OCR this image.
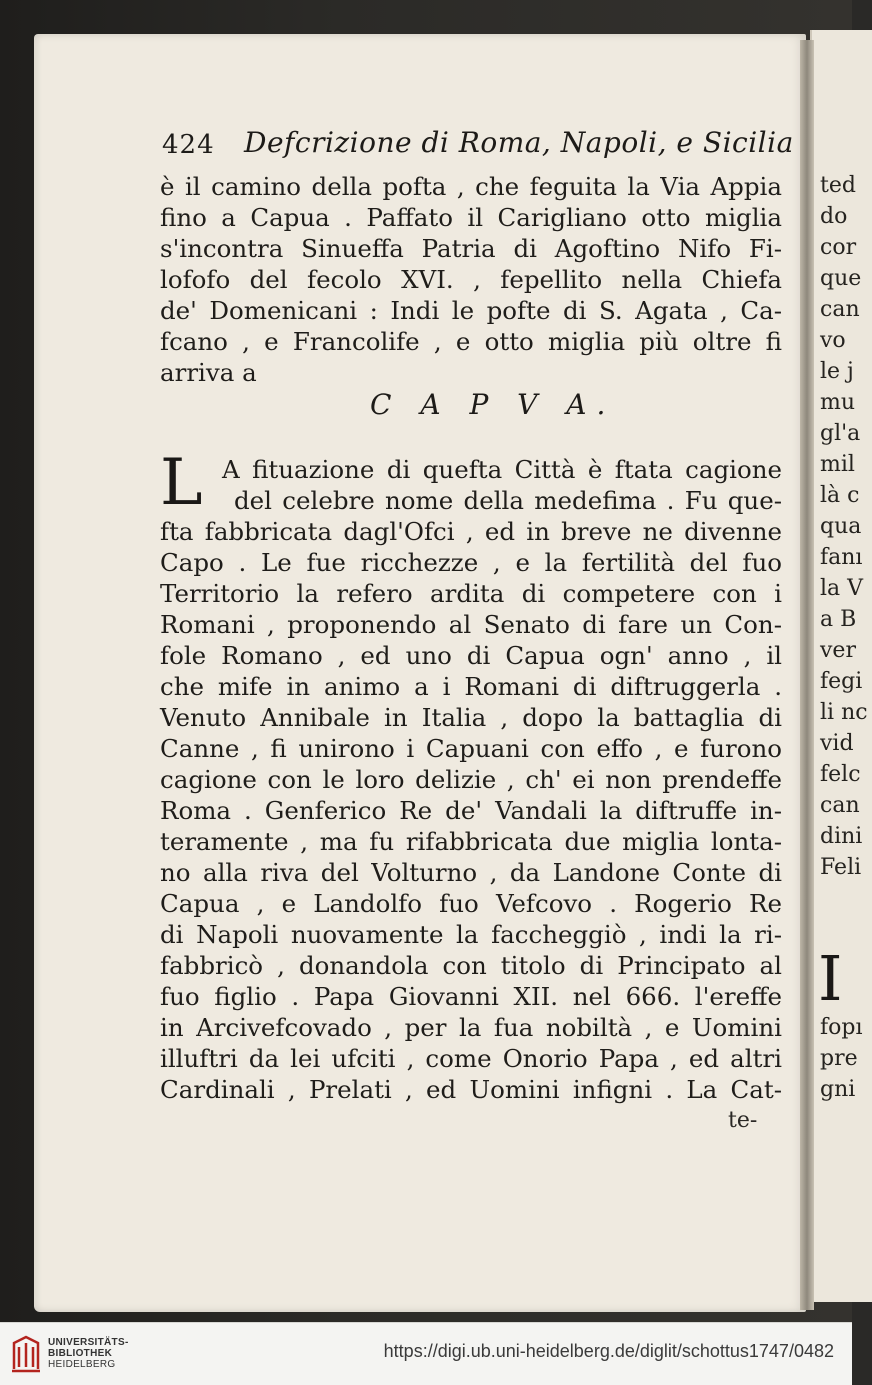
424 Defcrizione di Roma, Napoli, e Sicilia
è il camino della pofta , che feguita la Via Appia
fino a Capua . Paffato il Carigliano otto miglia
s'incontra Sinueffa Patria di Agoftino Nifo Fi-
lofofo del fecolo XVI. , fepellito nella Chiefa
de' Domenicani : Indi le pofte di S. Agata , Ca-
fcano , e Francolife , e otto miglia più oltre fi
arriva a
C A P V A.
L A fituazione di quefta Città è ftata cagione
del celebre nome della medefima . Fu que-
fta fabbricata dagl'Ofci , ed in breve ne divenne
Capo . Le fue ricchezze , e la fertilità del fuo
Territorio la refero ardita di competere con i
Romani , proponendo al Senato di fare un Con-
fole Romano , ed uno di Capua ogn' anno , il
che mife in animo a i Romani di diftruggerla .
Venuto Annibale in Italia , dopo la battaglia di
Canne , fi unirono i Capuani con effo , e furono
cagione con le loro delizie , ch' ei non prendeffe
Roma . Genferico Re de' Vandali la diftruffe in-
teramente , ma fu rifabbricata due miglia lonta-
no alla riva del Volturno , da Landone Conte di
Capua , e Landolfo fuo Vefcovo . Rogerio Re
di Napoli nuovamente la faccheggiò , indi la ri-
fabbricò , donandola con titolo di Principato al
fuo figlio . Papa Giovanni XII. nel 666. l'ereffe
in Arcivefcovado , per la fua nobiltà , e Uomini
illuftri da lei ufciti , come Onorio Papa , ed altri
Cardinali , Prelati , ed Uomini infigni . La Cat-
te-
ted
do
cor
que
can
vo
le j
mu
gl'a
mil
là c
qua
fanı
la V
a B
ver
fegi
li nc
vid
felc
can
dini
Feli
I
fopı
pre
gni
UNIVERSITÄTS-
BIBLIOTHEK
HEIDELBERG
https://digi.ub.uni-heidelberg.de/diglit/schottus1747/0482
